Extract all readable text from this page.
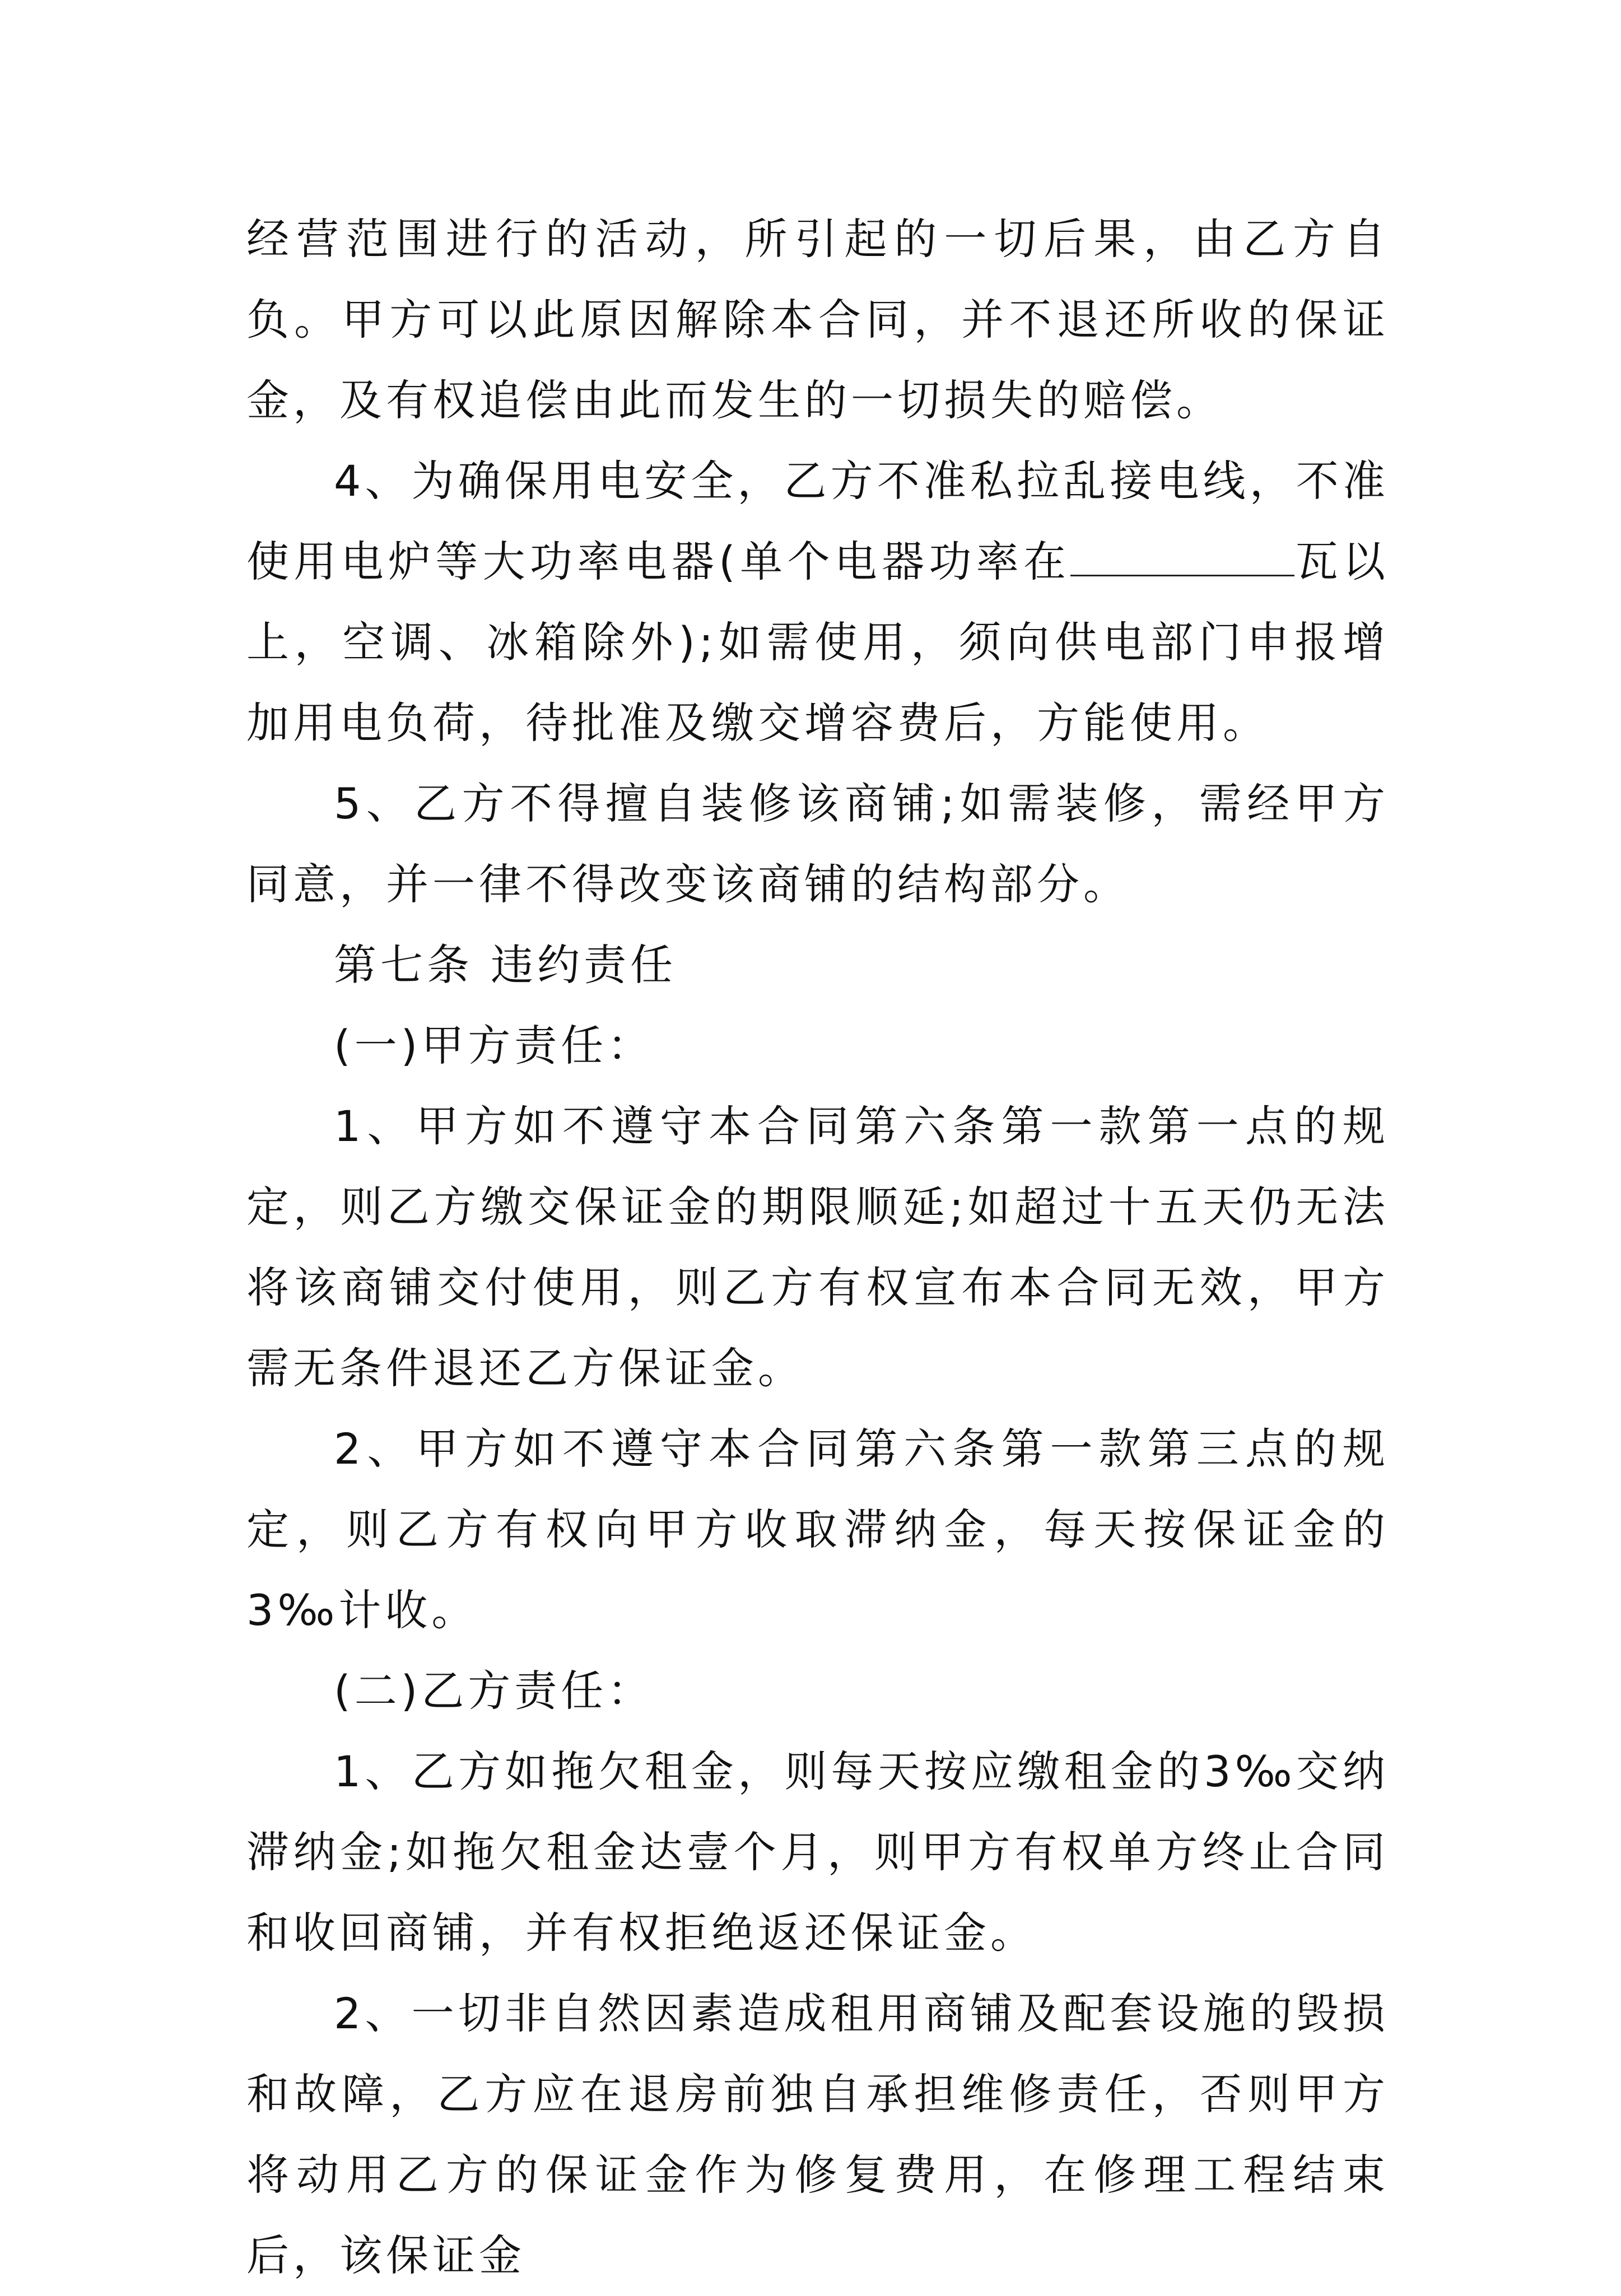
经营范围进行的活动，所引起的一切后果，由乙方自负。甲方可以此原因解除本合同，并不退还所收的保证金，及有权追偿由此而发生的一切损失的赔偿。

4、为确保用电安全，乙方不准私拉乱接电线，不准使用电炉等大功率电器(单个电器功率在	瓦以上，空调、冰箱除外);如需使用，须向供电部门申报增加用电负荷，待批准及缴交增容费后，方能使用。

5、乙方不得擅自装修该商铺;如需装修，需经甲方同意，并一律不得改变该商铺的结构部分。

第七条 违约责任

(一)甲方责任：

1、甲方如不遵守本合同第六条第一款第一点的规定，则乙方缴交保证金的期限顺延;如超过十五天仍无法将该商铺交付使用，则乙方有权宣布本合同无效，甲方需无条件退还乙方保证金。

2、甲方如不遵守本合同第六条第一款第三点的规定，则乙方有权向甲方收取滞纳金，每天按保证金的3‰计收。

(二)乙方责任：

1、乙方如拖欠租金，则每天按应缴租金的3‰交纳滞纳金;如拖欠租金达壹个月，则甲方有权单方终止合同和收回商铺，并有权拒绝返还保证金。

2、一切非自然因素造成租用商铺及配套设施的毁损和故障，乙方应在退房前独自承担维修责任，否则甲方将动用乙方的保证金作为修复费用，在修理工程结束后，该保证金
